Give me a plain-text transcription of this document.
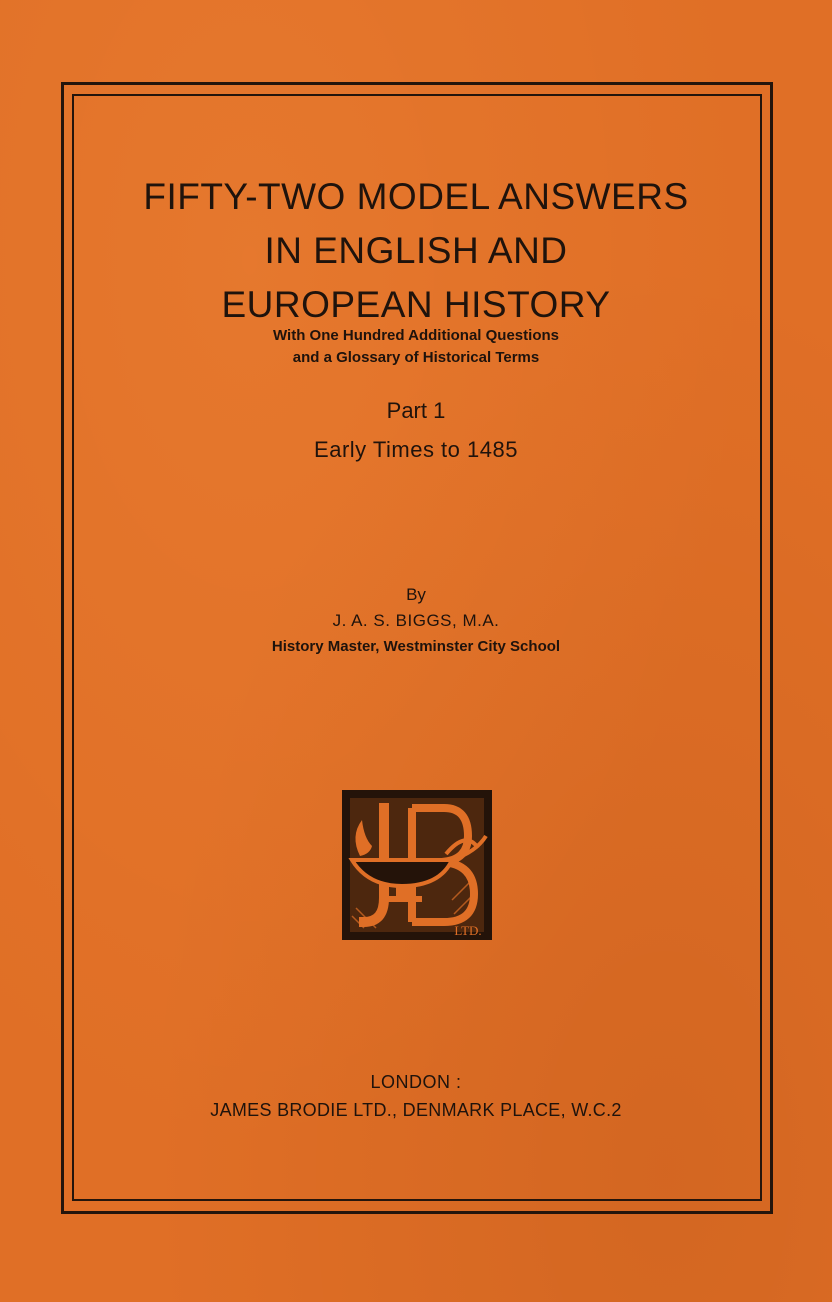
FIFTY-TWO MODEL ANSWERS
IN ENGLISH AND
EUROPEAN HISTORY
With One Hundred Additional Questions
and a Glossary of Historical Terms
Part 1
Early Times to 1485
By
J. A. S. BIGGS, M.A.
History Master, Westminster City School
LTD.
LONDON :
JAMES BRODIE LTD., DENMARK PLACE, W.C.2
